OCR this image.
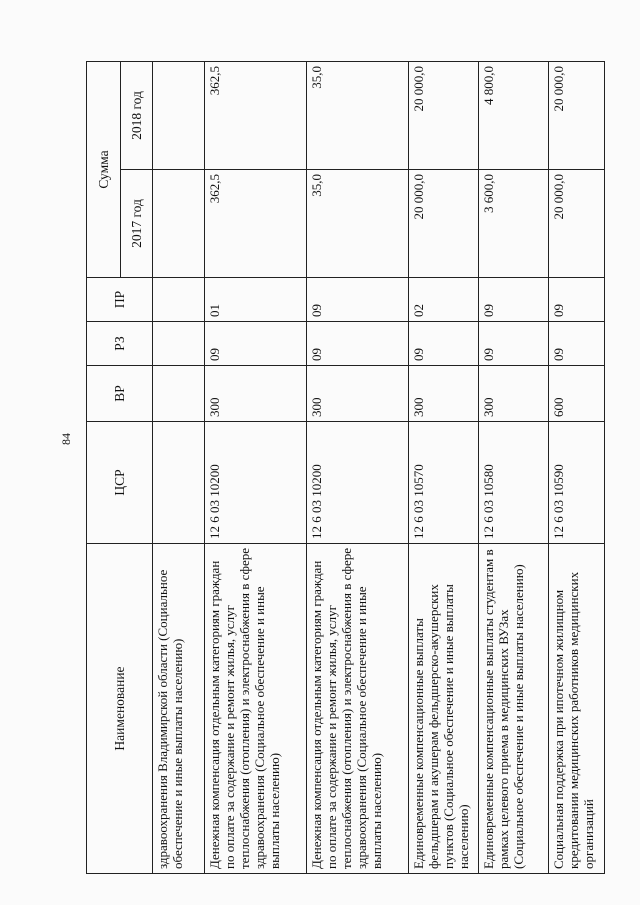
84
Наименование	ЦСР	ВР	РЗ	ПР	Сумма	
					2017 год	2018 год
здравоохранения Владимирской области (Социальное обеспечение и иные выплаты населению)						
Денежная компенсация отдельным категориям граждан по оплате за содержание и ремонт жилья, услуг теплоснабжения (отопления) и электроснабжения в сфере здравоохранения (Социальное обеспечение и иные выплаты населению)	12 6 03 10200	300	09	01	362,5	362,5
Денежная компенсация отдельным категориям граждан по оплате за содержание и ремонт жилья, услуг теплоснабжения (отопления) и электроснабжения в сфере здравоохранения (Социальное обеспечение и иные выплаты населению)	12 6 03 10200	300	09	09	35,0	35,0
Единовременные компенсационные выплаты фельдшерам и акушерам фельдшерско-акушерских пунктов (Социальное обеспечение и иные выплаты населению)	12 6 03 10570	300	09	02	20 000,0	20 000,0
Единовременные компенсационные выплаты студентам в рамках целевого приема в медицинских ВУЗах (Социальное обеспечение и иные выплаты населению)	12 6 03 10580	300	09	09	3 600,0	4 800,0
Социальная поддержка при ипотечном жилищном кредитовании медицинских работников медицинских организаций	12 6 03 10590	600	09	09	20 000,0	20 000,0
